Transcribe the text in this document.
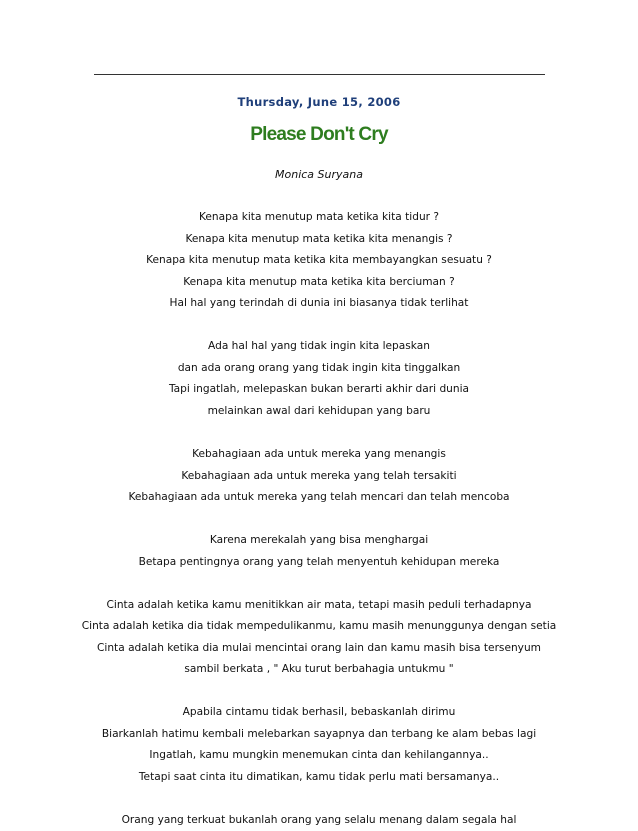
Thursday, June 15, 2006
Please Don't Cry
Monica Suryana
Kenapa kita menutup mata ketika kita tidur ?
Kenapa kita menutup mata ketika kita menangis ?
Kenapa kita menutup mata ketika kita membayangkan sesuatu ?
Kenapa kita menutup mata ketika kita berciuman ?
Hal hal yang terindah di dunia ini biasanya tidak terlihat
Ada hal hal yang tidak ingin kita lepaskan
dan ada orang orang yang tidak ingin kita tinggalkan
Tapi ingatlah, melepaskan bukan berarti akhir dari dunia
melainkan awal dari kehidupan yang baru
Kebahagiaan ada untuk mereka yang menangis
Kebahagiaan ada untuk mereka yang telah tersakiti
Kebahagiaan ada untuk mereka yang telah mencari dan telah mencoba
Karena merekalah yang bisa menghargai
Betapa pentingnya orang yang telah menyentuh kehidupan mereka
Cinta adalah ketika kamu menitikkan air mata, tetapi masih peduli terhadapnya
Cinta adalah ketika dia tidak mempedulikanmu, kamu masih menunggunya dengan setia
Cinta adalah ketika dia mulai mencintai orang lain dan kamu masih bisa tersenyum
sambil berkata , " Aku turut berbahagia untukmu "
Apabila cintamu tidak berhasil, bebaskanlah dirimu
Biarkanlah hatimu kembali melebarkan sayapnya dan terbang ke alam bebas lagi
Ingatlah, kamu mungkin menemukan cinta dan kehilangannya..
Tetapi saat cinta itu dimatikan, kamu tidak perlu mati bersamanya..
Orang yang terkuat bukanlah orang yang selalu menang dalam segala hal
